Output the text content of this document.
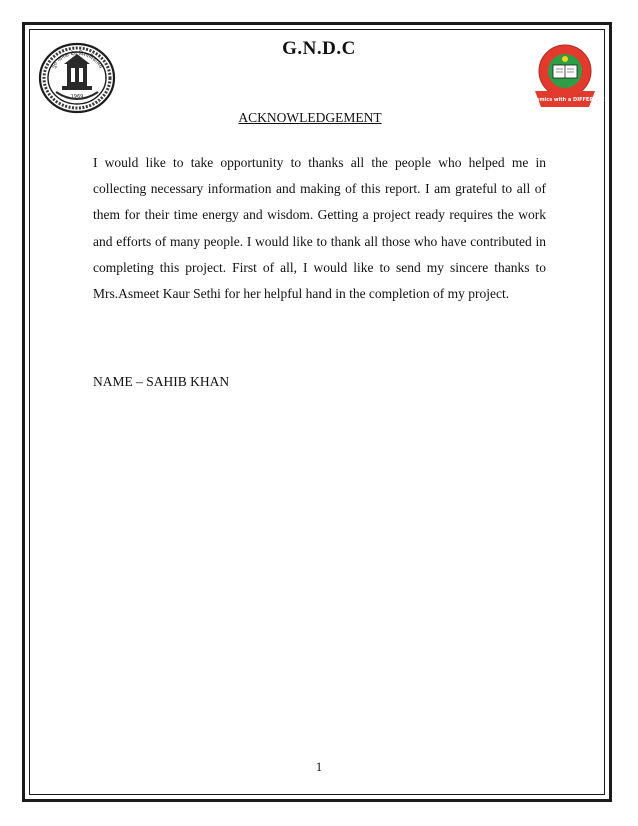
1969
गुरु नानक देव विश्वविद्यालय
Academics with a DIFFERENCE
G.N.D.C
ACKNOWLEDGEMENT

I would like to take opportunity to thanks all the people who helped me in collecting necessary information and making of this report. I am grateful to all of them for their time energy and wisdom. Getting a project ready requires the work and efforts of many people. I would like to thank all those who have contributed in completing this project. First of all, I would like to send my sincere thanks to Mrs.Asmeet Kaur Sethi for her helpful hand in the completion of my project.

NAME – SAHIB KHAN

1
